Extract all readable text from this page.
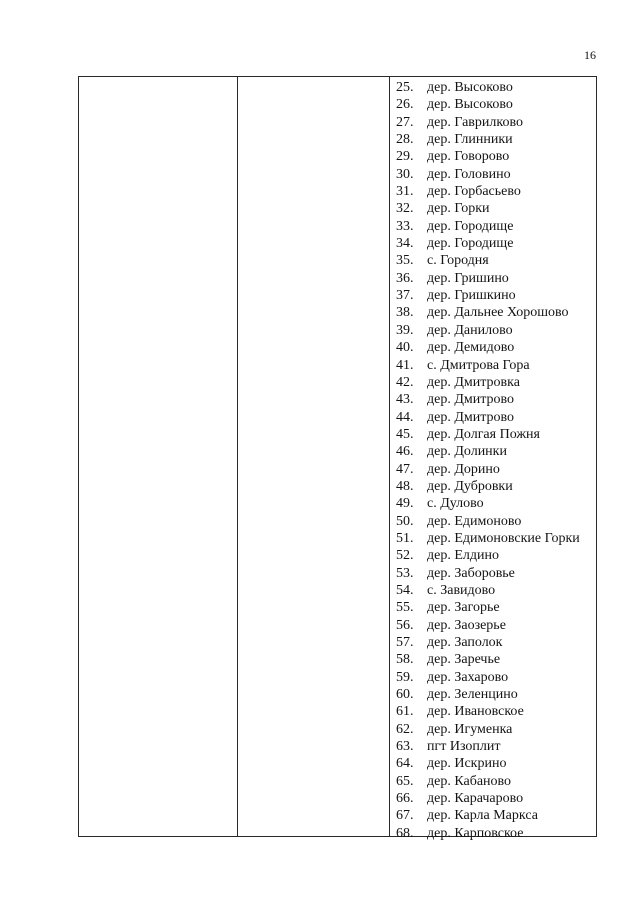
16
25. дер. Высоково
26. дер. Высоково
27. дер. Гаврилково
28. дер. Глинники
29. дер. Говорово
30. дер. Головино
31. дер. Горбасьево
32. дер. Горки
33. дер. Городище
34. дер. Городище
35. с. Городня
36. дер. Гришино
37. дер. Гришкино
38. дер. Дальнее Хорошово
39. дер. Данилово
40. дер. Демидово
41. с. Дмитрова Гора
42. дер. Дмитровка
43. дер. Дмитрово
44. дер. Дмитрово
45. дер. Долгая Пожня
46. дер. Долинки
47. дер. Дорино
48. дер. Дубровки
49. с. Дулово
50. дер. Едимоново
51. дер. Едимоновские Горки
52. дер. Елдино
53. дер. Заборовье
54. с. Завидово
55. дер. Загорье
56. дер. Заозерье
57. дер. Заполок
58. дер. Заречье
59. дер. Захарово
60. дер. Зеленцино
61. дер. Ивановское
62. дер. Игуменка
63. пгт Изоплит
64. дер. Искрино
65. дер. Кабаново
66. дер. Карачарово
67. дер. Карла Маркса
68. дер. Карповское
